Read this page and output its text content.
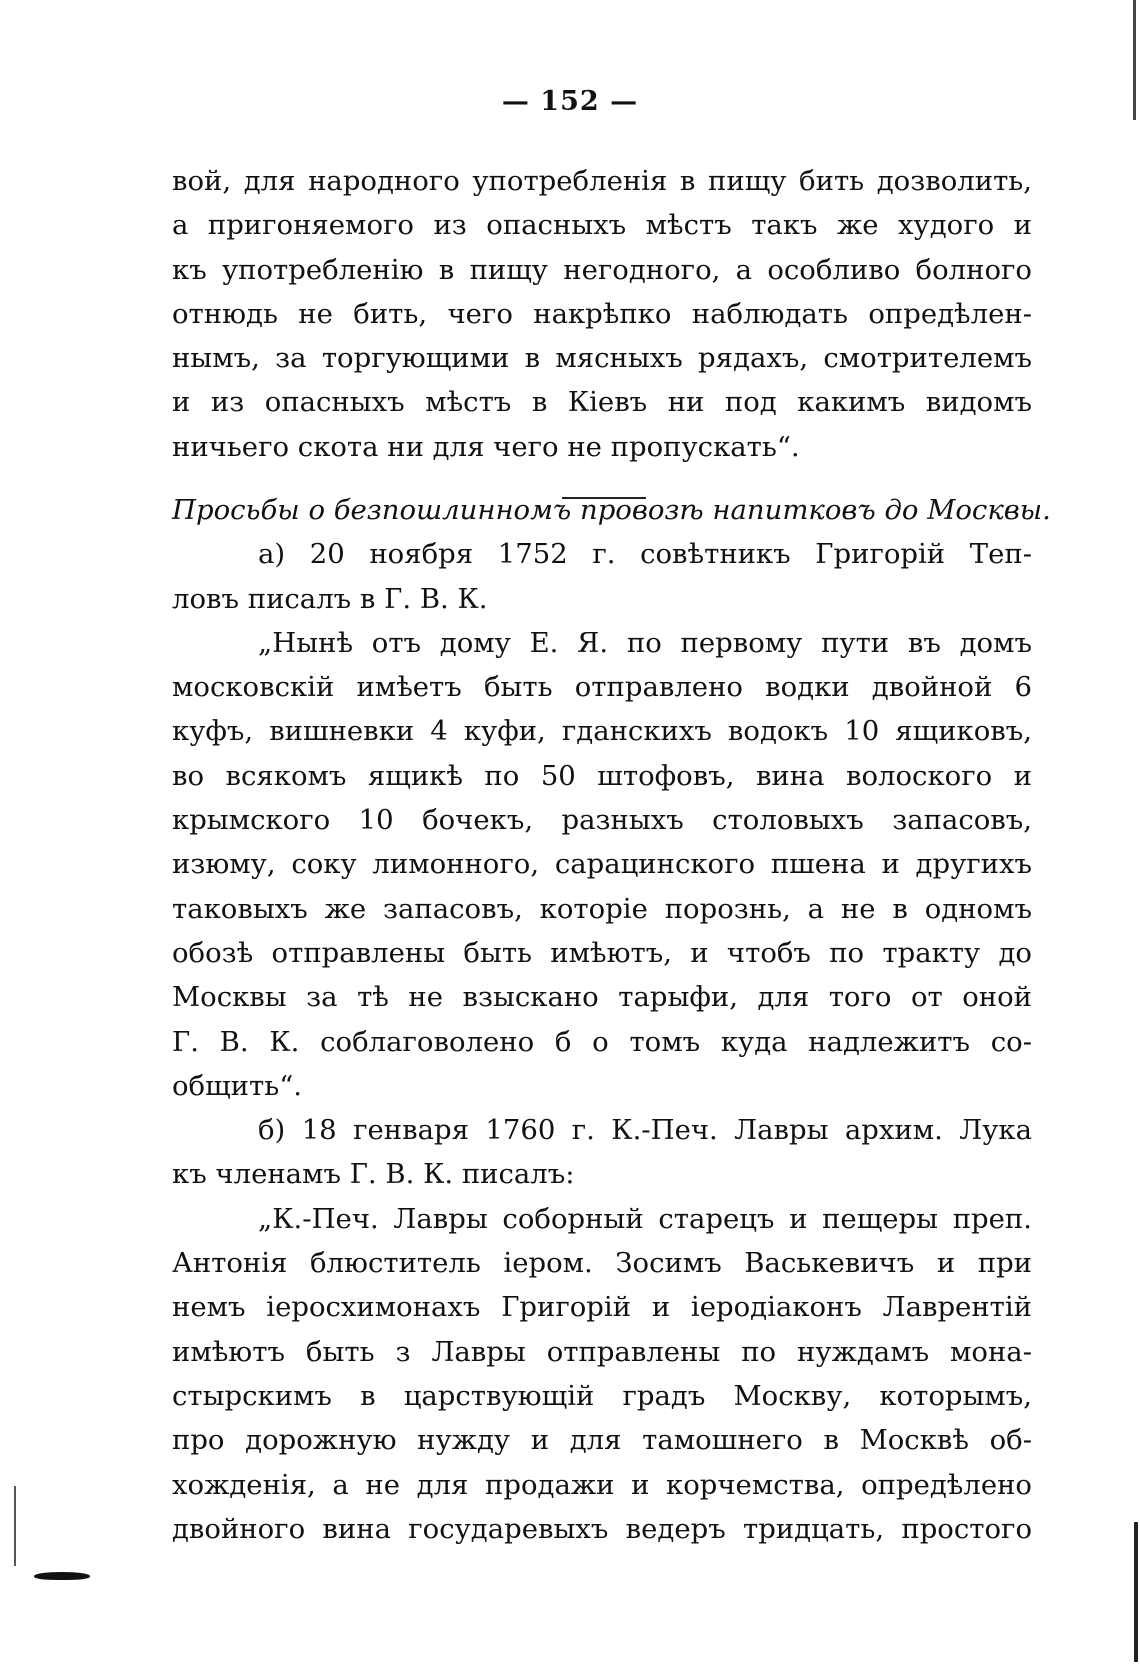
— 152 —
вой, для народного употребленія в пищу бить дозволить,
а пригоняемого из опасныхъ мѣстъ такъ же худого и
къ употребленію в пищу негодного, а особливо болного
отнюдь не бить, чего накрѣпко наблюдать опредѣлен-
нымъ, за торгующими в мясныхъ рядахъ, смотрителемъ
и из опасныхъ мѣстъ в Кіевъ ни под какимъ видомъ
ничьего скота ни для чего не пропускать“.
Просьбы о безпошлинномъ провозѣ напитковъ до Москвы.
а) 20 ноября 1752 г. совѣтникъ Григорій Теп-
ловъ писалъ в Г. В. К.
„Нынѣ отъ дому Е. Я. по первому пути въ домъ
московскій имѣетъ быть отправлено водки двойной 6
куфъ, вишневки 4 куфи, гданскихъ водокъ 10 ящиковъ,
во всякомъ ящикѣ по 50 штофовъ, вина волоского и
крымского 10 бочекъ, разныхъ столовыхъ запасовъ,
изюму, соку лимонного, сарацинского пшена и другихъ
таковыхъ же запасовъ, которіе порознь, а не в одномъ
обозѣ отправлены быть имѣютъ, и чтобъ по тракту до
Москвы за тѣ не взыскано тарыфи, для того от оной
Г. В. К. соблаговолено б о томъ куда надлежитъ со-
общить“.
б) 18 генваря 1760 г. К.-Печ. Лавры архим. Лука
къ членамъ Г. В. К. писалъ:
„К.-Печ. Лавры соборный старецъ и пещеры преп.
Антонія блюститель іером. Зосимъ Васькевичъ и при
немъ іеросхимонахъ Григорій и іеродіаконъ Лаврентій
имѣютъ быть з Лавры отправлены по нуждамъ мона-
стырскимъ в царствующій градъ Москву, которымъ,
про дорожную нужду и для тамошнего в Москвѣ об-
хожденія, а не для продажи и корчемства, опредѣлено
двойного вина государевыхъ ведеръ тридцать, простого
